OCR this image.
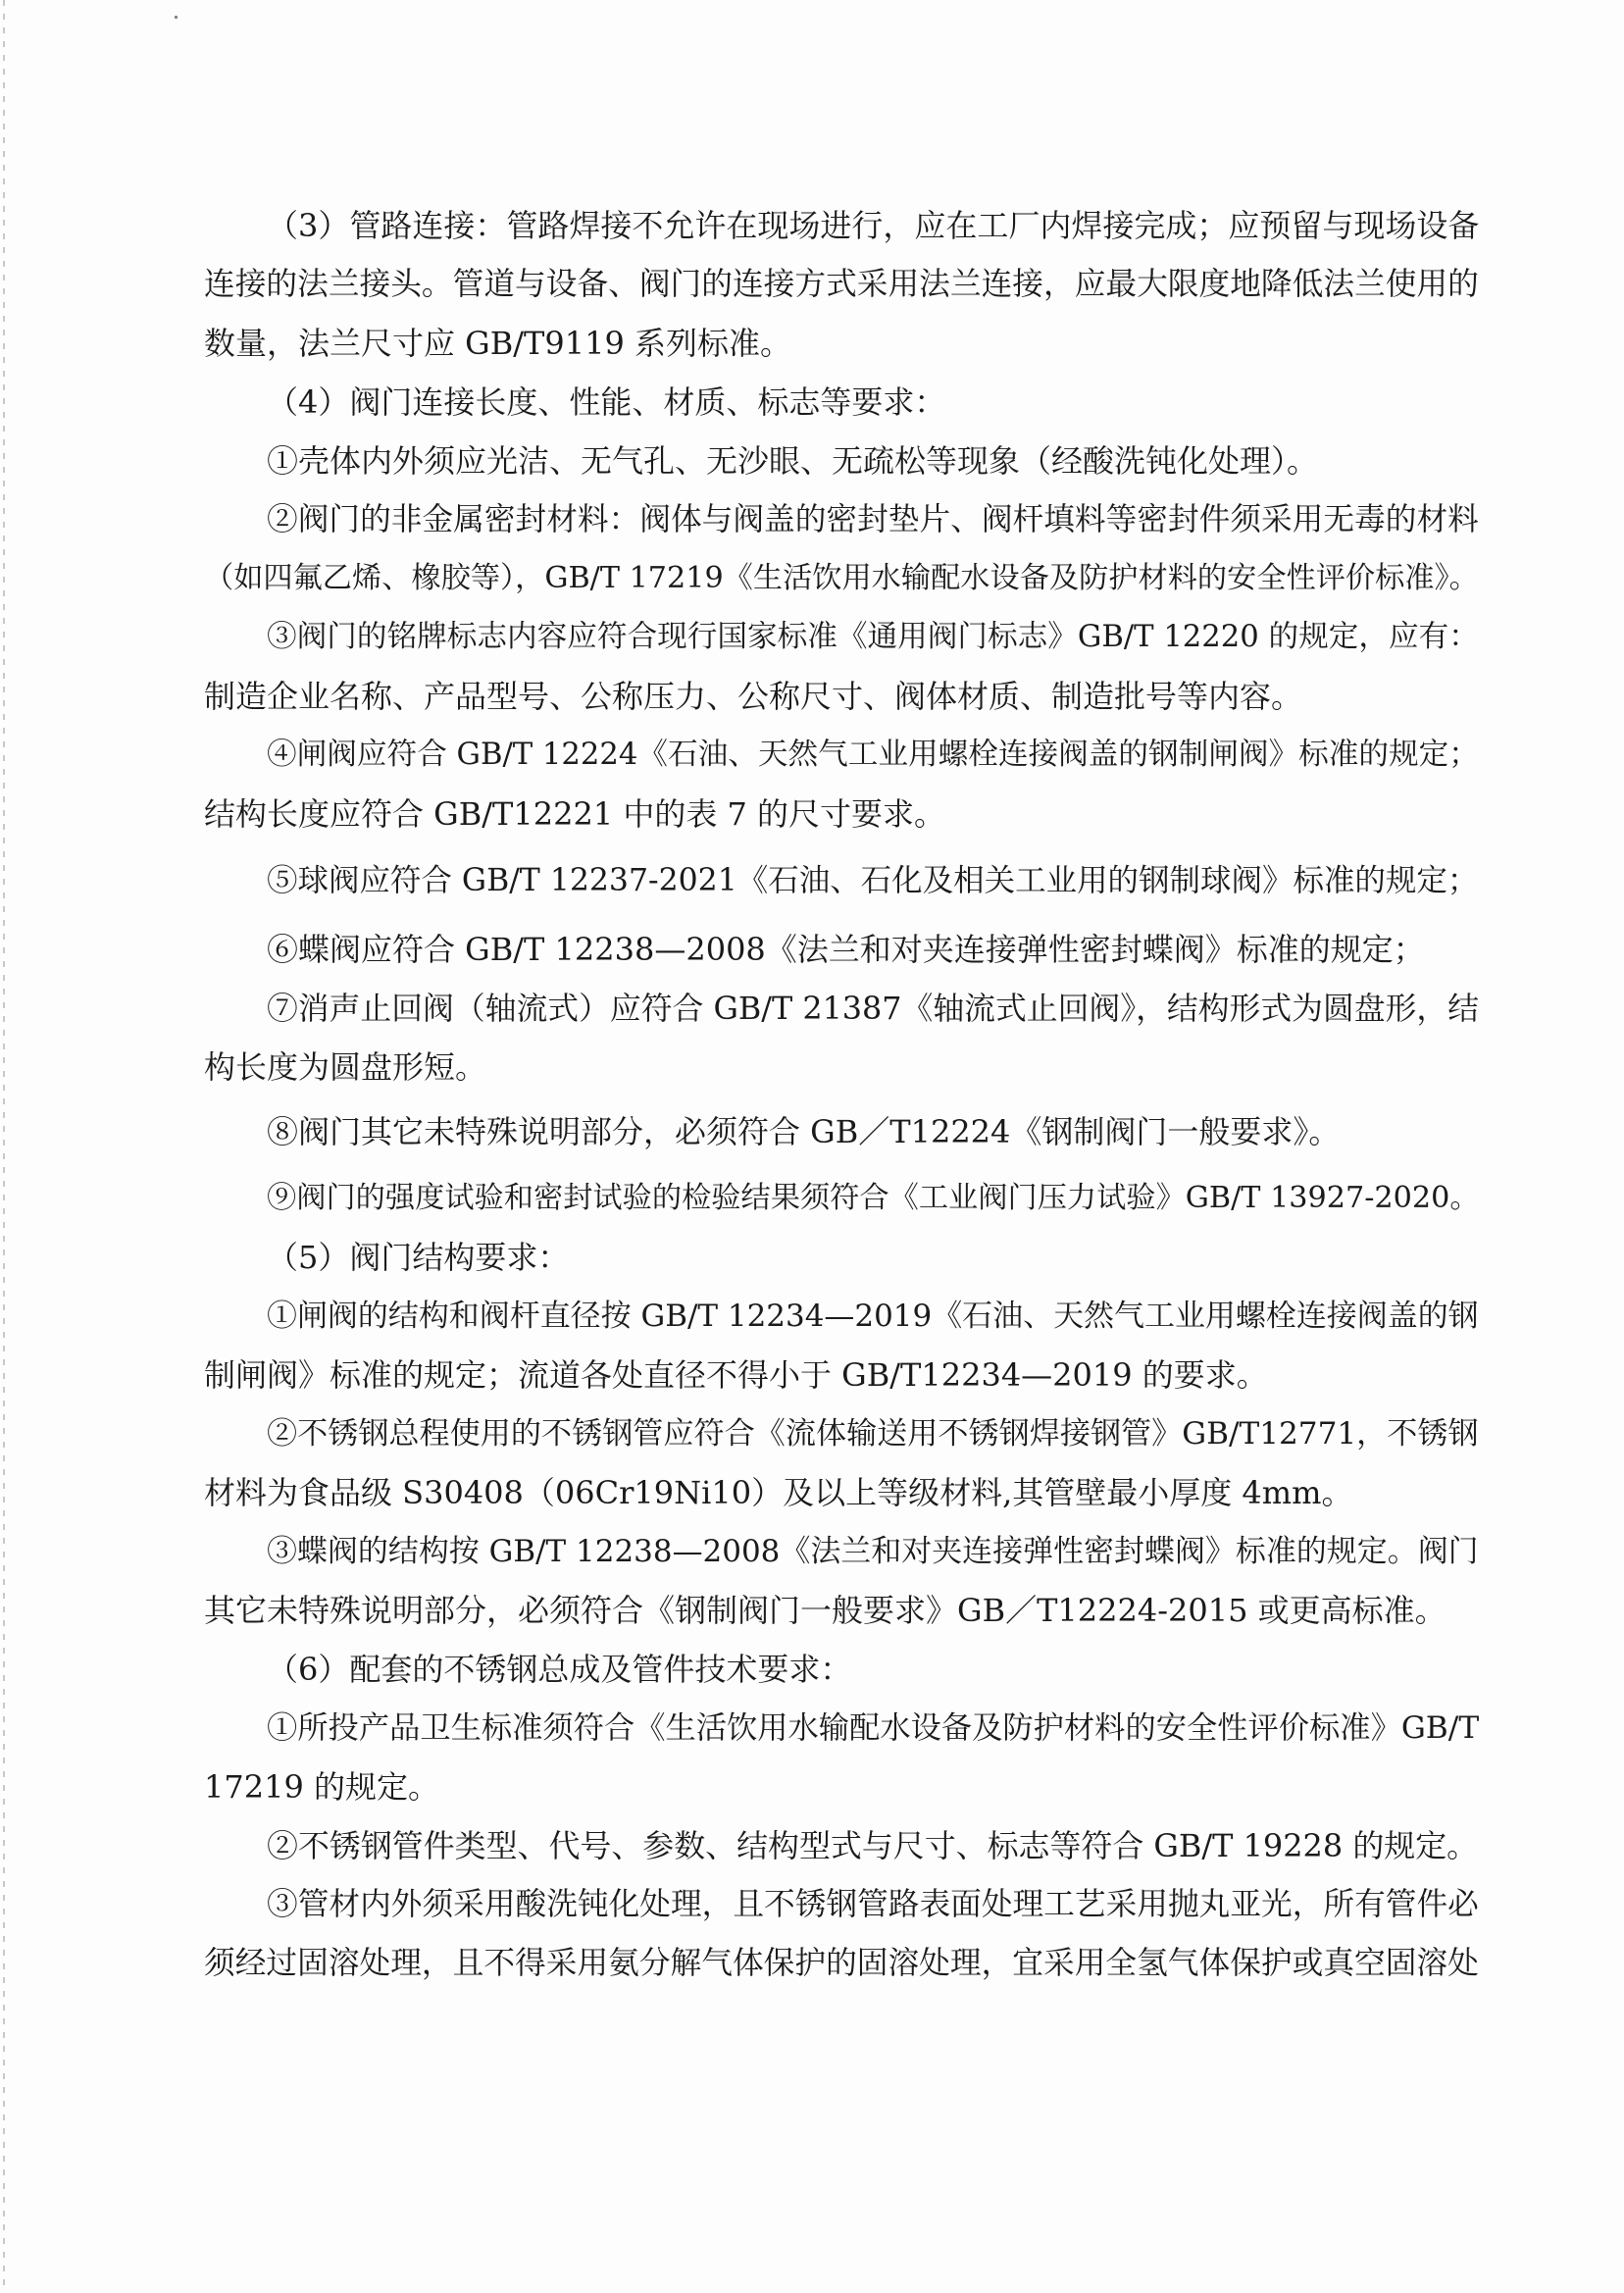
（3）管路连接：管路焊接不允许在现场进行，应在工厂内焊接完成；应预留与现场设备
连接的法兰接头。管道与设备、阀门的连接方式采用法兰连接，应最大限度地降低法兰使用的
数量，法兰尺寸应 GB/T9119 系列标准。
（4）阀门连接长度、性能、材质、标志等要求：
①壳体内外须应光洁、无气孔、无沙眼、无疏松等现象（经酸洗钝化处理）。
②阀门的非金属密封材料：阀体与阀盖的密封垫片、阀杆填料等密封件须采用无毒的材料
（如四氟乙烯、橡胶等），GB/T 17219《生活饮用水输配水设备及防护材料的安全性评价标准》。
③阀门的铭牌标志内容应符合现行国家标准《通用阀门标志》GB/T 12220 的规定，应有：
制造企业名称、产品型号、公称压力、公称尺寸、阀体材质、制造批号等内容。
④闸阀应符合 GB/T 12224《石油、天然气工业用螺栓连接阀盖的钢制闸阀》标准的规定；
结构长度应符合 GB/T12221 中的表 7 的尺寸要求。
⑤球阀应符合 GB/T 12237-2021《石油、石化及相关工业用的钢制球阀》标准的规定；
⑥蝶阀应符合 GB/T 12238—2008《法兰和对夹连接弹性密封蝶阀》标准的规定；
⑦消声止回阀（轴流式）应符合 GB/T 21387《轴流式止回阀》，结构形式为圆盘形，结
构长度为圆盘形短。
⑧阀门其它未特殊说明部分，必须符合 GB／T12224《钢制阀门一般要求》。
⑨阀门的强度试验和密封试验的检验结果须符合《工业阀门压力试验》GB/T 13927-2020。
（5）阀门结构要求：
①闸阀的结构和阀杆直径按 GB/T 12234—2019《石油、天然气工业用螺栓连接阀盖的钢
制闸阀》标准的规定；流道各处直径不得小于 GB/T12234—2019 的要求。
②不锈钢总程使用的不锈钢管应符合《流体输送用不锈钢焊接钢管》GB/T12771，不锈钢
材料为食品级 S30408（06Cr19Ni10）及以上等级材料,其管壁最小厚度 4mm。
③蝶阀的结构按 GB/T 12238—2008《法兰和对夹连接弹性密封蝶阀》标准的规定。阀门
其它未特殊说明部分，必须符合《钢制阀门一般要求》GB／T12224-2015 或更高标准。
（6）配套的不锈钢总成及管件技术要求：
①所投产品卫生标准须符合《生活饮用水输配水设备及防护材料的安全性评价标准》GB/T
17219 的规定。
②不锈钢管件类型、代号、参数、结构型式与尺寸、标志等符合 GB/T 19228 的规定。
③管材内外须采用酸洗钝化处理，且不锈钢管路表面处理工艺采用抛丸亚光，所有管件必
须经过固溶处理，且不得采用氨分解气体保护的固溶处理，宜采用全氢气体保护或真空固溶处
